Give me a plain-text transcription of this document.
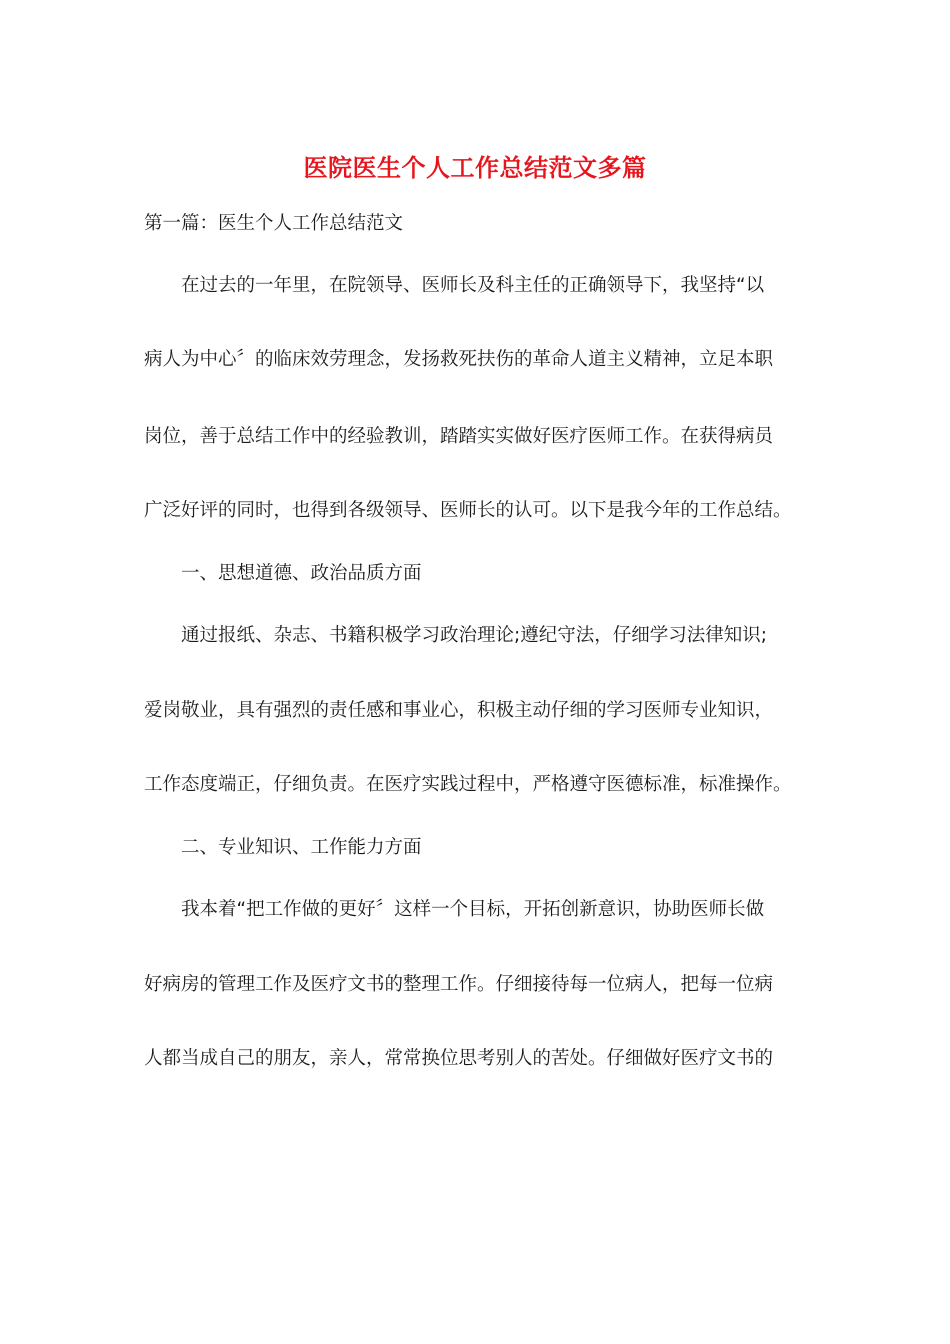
医院医生个人工作总结范文多篇
第一篇：医生个人工作总结范文
在过去的一年里，在院领导、医师长及科主任的正确领导下，我坚持“以
病人为中心〞的临床效劳理念，发扬救死扶伤的革命人道主义精神，立足本职
岗位，善于总结工作中的经验教训，踏踏实实做好医疗医师工作。在获得病员
广泛好评的同时，也得到各级领导、医师长的认可。以下是我今年的工作总结。
一、思想道德、政治品质方面
通过报纸、杂志、书籍积极学习政治理论;遵纪守法，仔细学习法律知识;
爱岗敬业，具有强烈的责任感和事业心，积极主动仔细的学习医师专业知识，
工作态度端正，仔细负责。在医疗实践过程中，严格遵守医德标准，标准操作。
二、专业知识、工作能力方面
我本着“把工作做的更好〞这样一个目标，开拓创新意识，协助医师长做
好病房的管理工作及医疗文书的整理工作。仔细接待每一位病人，把每一位病
人都当成自己的朋友，亲人，常常换位思考别人的苦处。仔细做好医疗文书的
